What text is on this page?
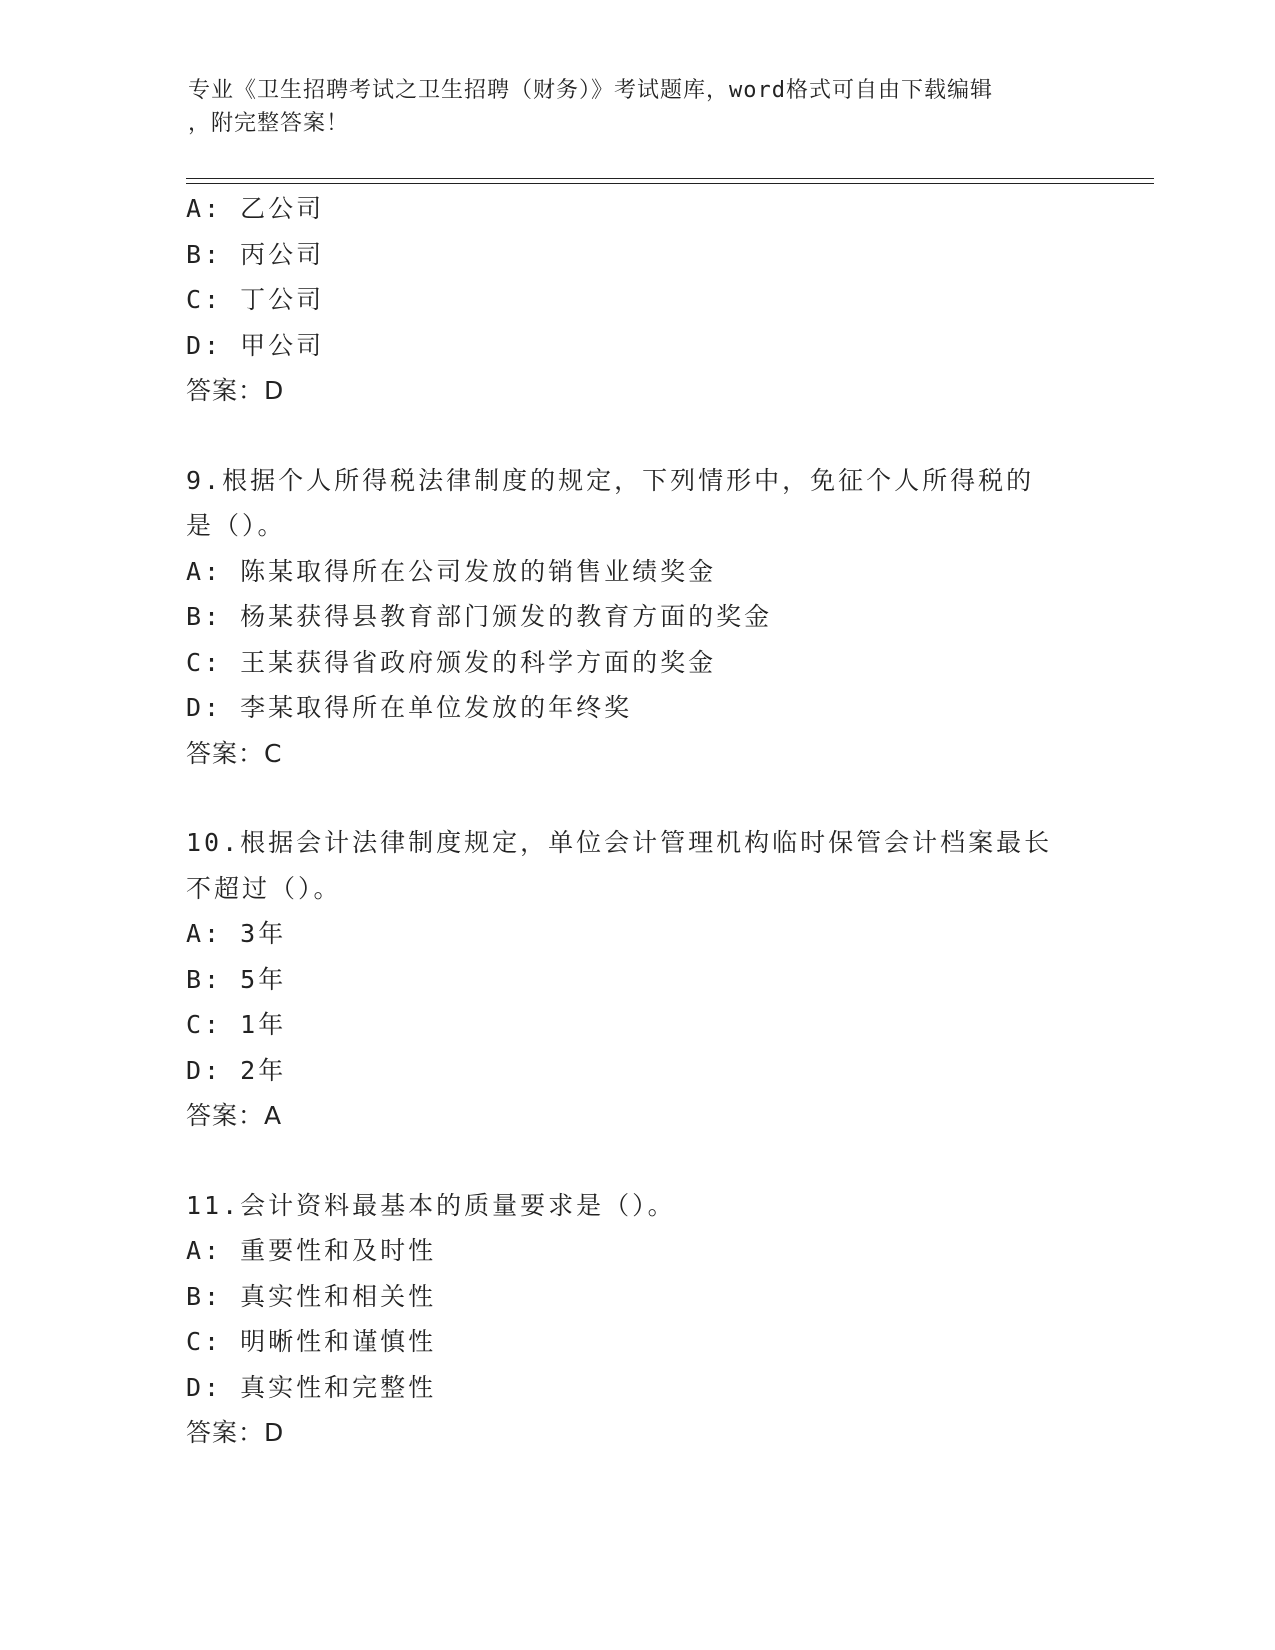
专业《卫生招聘考试之卫生招聘（财务）》考试题库，word格式可自由下载编辑
，附完整答案！
A: 乙公司
B: 丙公司
C: 丁公司
D: 甲公司
答案：D
9.根据个人所得税法律制度的规定，下列情形中，免征个人所得税的
是（）。
A: 陈某取得所在公司发放的销售业绩奖金
B: 杨某获得县教育部门颁发的教育方面的奖金
C: 王某获得省政府颁发的科学方面的奖金
D: 李某取得所在单位发放的年终奖
答案：C
10.根据会计法律制度规定，单位会计管理机构临时保管会计档案最长
不超过（）。
A: 3年
B: 5年
C: 1年
D: 2年
答案：A
11.会计资料最基本的质量要求是（）。
A: 重要性和及时性
B: 真实性和相关性
C: 明晰性和谨慎性
D: 真实性和完整性
答案：D
